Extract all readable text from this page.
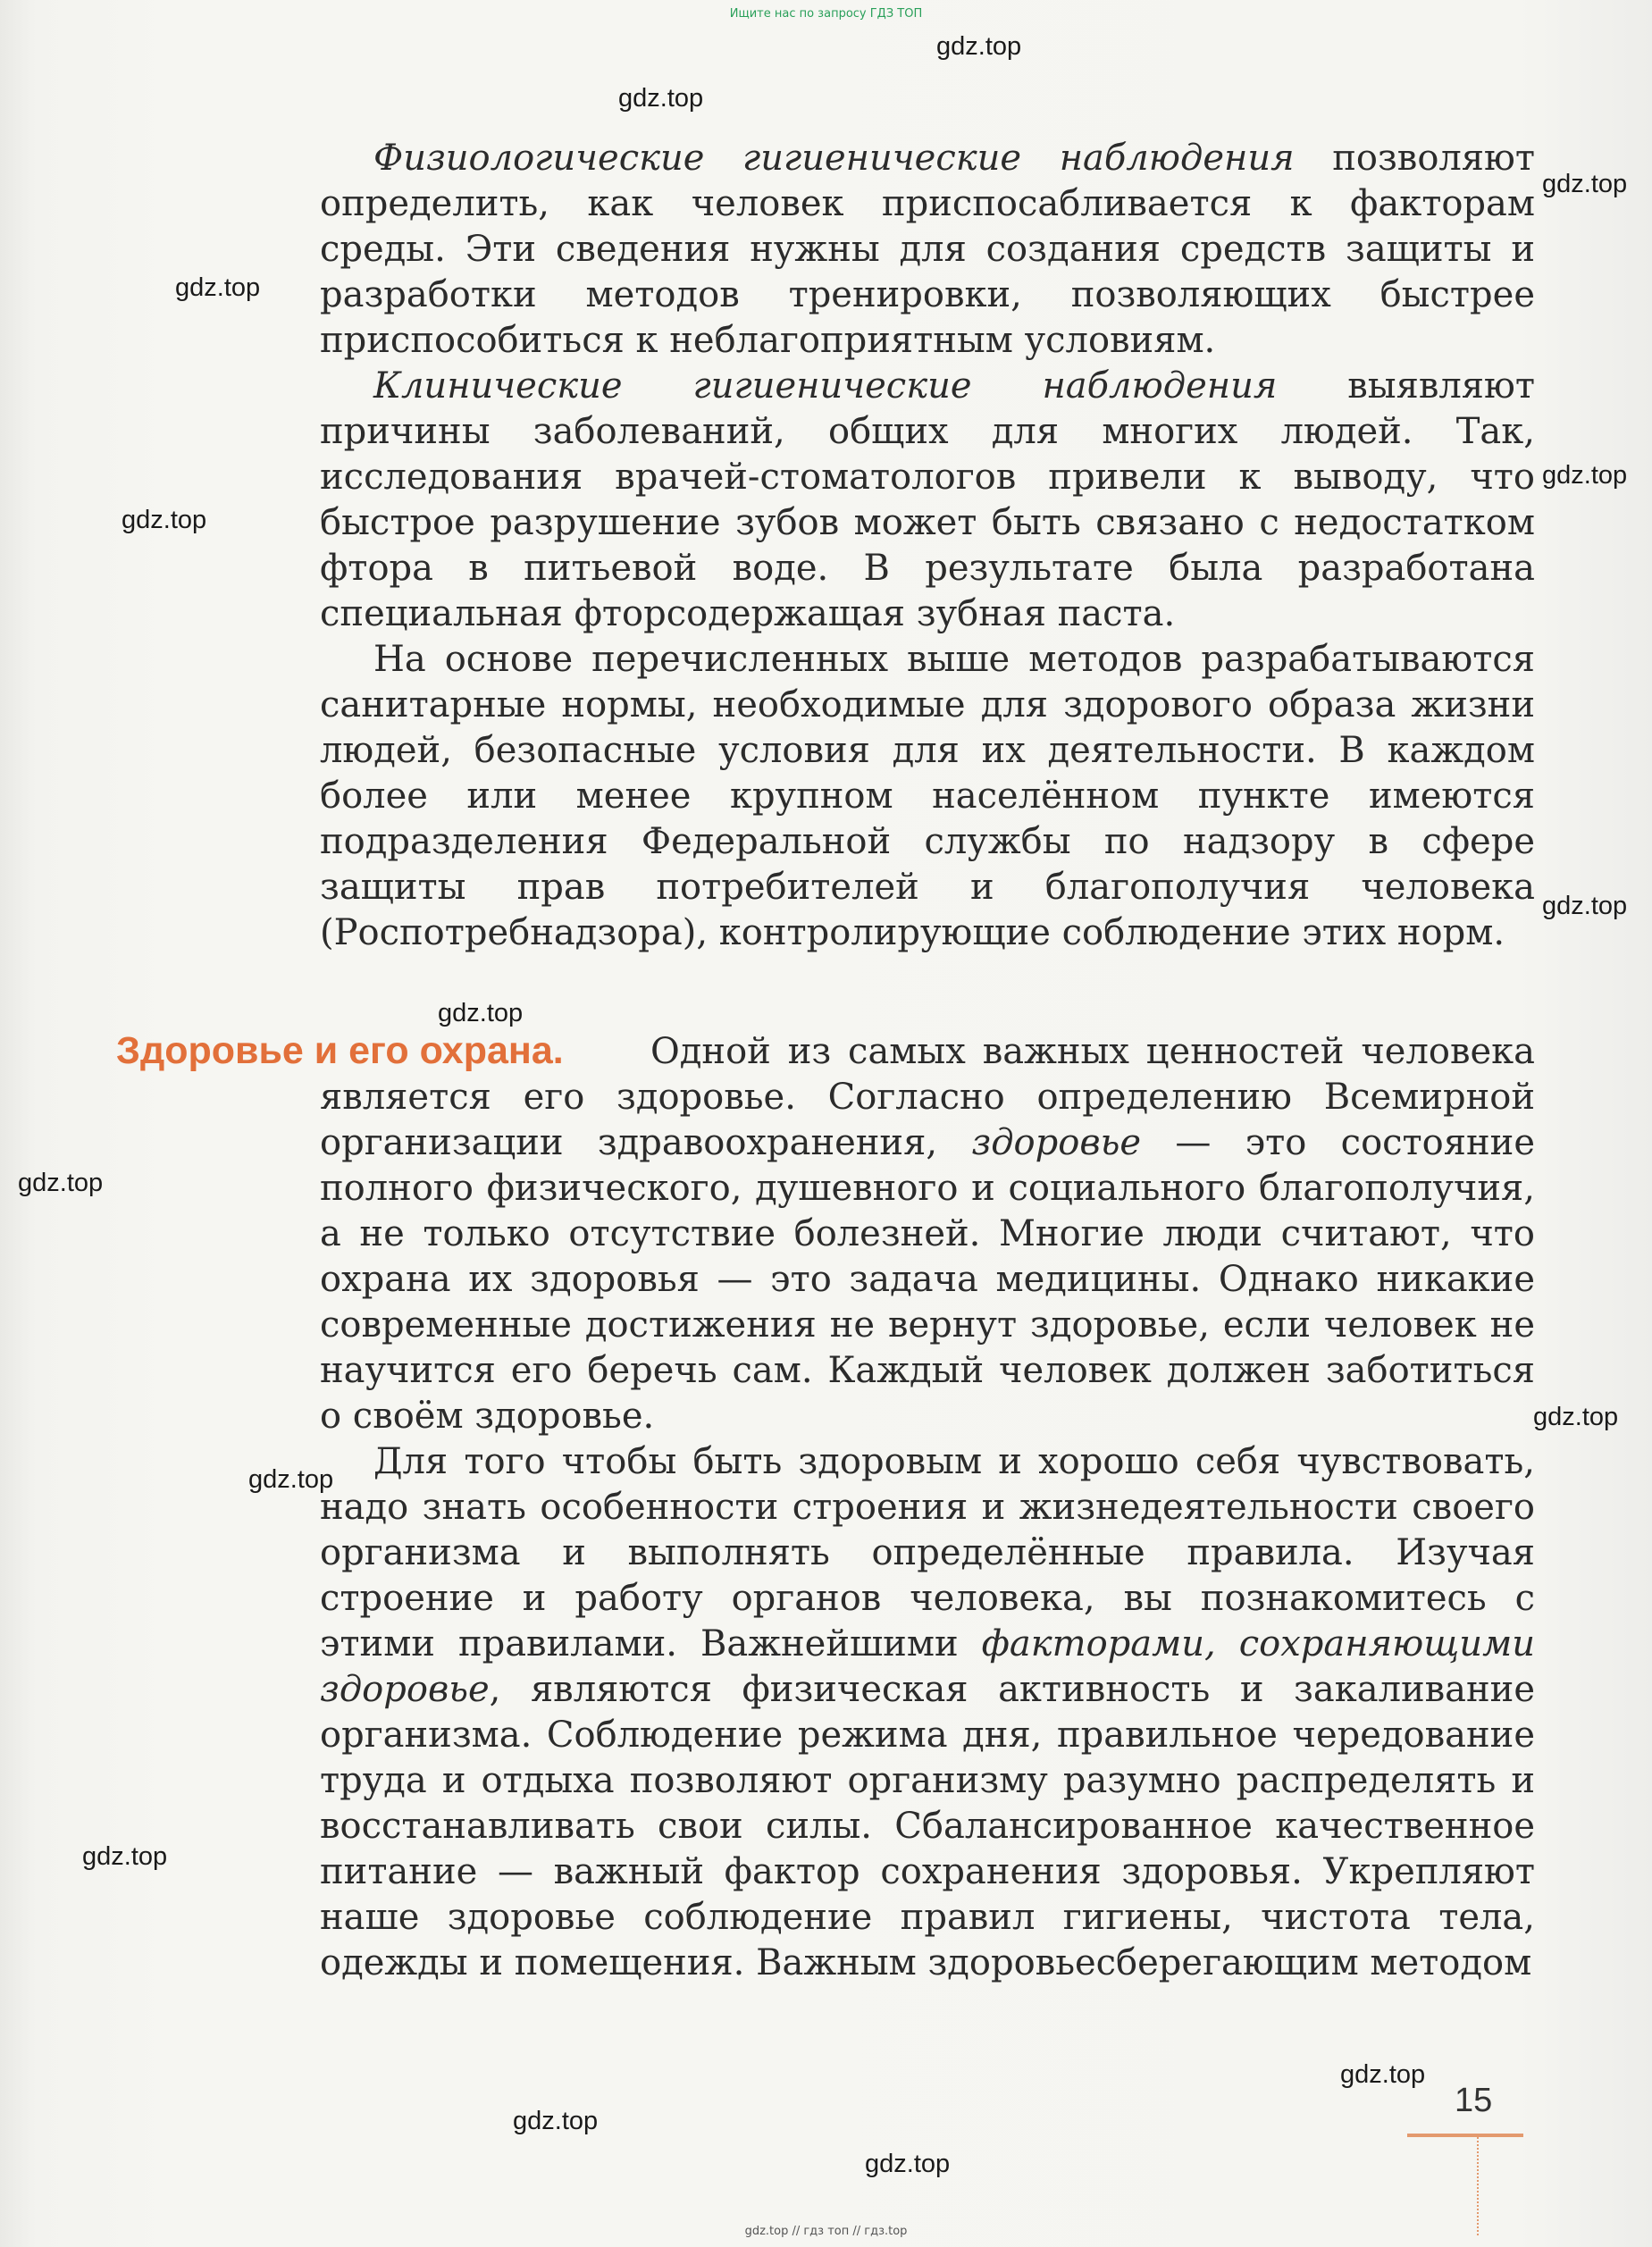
Ищите нас по запросу ГДЗ ТОП
gdz.top
gdz.top
gdz.top
gdz.top
gdz.top
gdz.top
gdz.top
gdz.top
gdz.top
gdz.top
gdz.top
gdz.top
gdz.top
gdz.top
gdz.top

Физиологические гигиенические наблюдения позволяют определить, как человек приспосабливается к факторам среды. Эти сведения нужны для создания средств защиты и разработки методов тренировки, позволяющих быстрее приспособиться к неблагоприятным условиям.

Клинические гигиенические наблюдения выявляют причины заболеваний, общих для многих людей. Так, исследования врачей-стоматологов привели к выводу, что быстрое разрушение зубов может быть связано с недостатком фтора в питьевой воде. В результате была разработана специальная фторсодержащая зубная паста.

На основе перечисленных выше методов разрабатываются санитарные нормы, необходимые для здорового образа жизни людей, безопасные условия для их деятельности. В каждом более или менее крупном населённом пункте имеются подразделения Федеральной службы по надзору в сфере защиты прав потребителей и благополучия человека (Роспотребнадзора), контролирующие соблюдение этих норм.

Здоровье и его охрана.	Одной из самых важных ценностей человека является его здоровье. Согласно определению Всемирной организации здравоохранения, здоровье — это состояние полного физического, душевного и социального благополучия, а не только отсутствие болезней. Многие люди считают, что охрана их здоровья — это задача медицины. Однако никакие современные достижения не вернут здоровье, если человек не научится его беречь сам. Каждый человек должен заботиться о своём здоровье.

Для того чтобы быть здоровым и хорошо себя чувствовать, надо знать особенности строения и жизнедеятельности своего организма и выполнять определённые правила. Изучая строение и работу органов человека, вы познакомитесь с этими правилами. Важнейшими факторами, сохраняющими здоровье, являются физическая активность и закаливание организма. Соблюдение режима дня, правильное чередование труда и отдыха позволяют организму разумно распределять и восстанавливать свои силы. Сбалансированное качественное питание — важный фактор сохранения здоровья. Укрепляют наше здоровье соблюдение правил гигиены, чистота тела, одежды и помещения. Важным здоровьесберегающим методом

15
gdz.top // гдз топ // гдз.top
